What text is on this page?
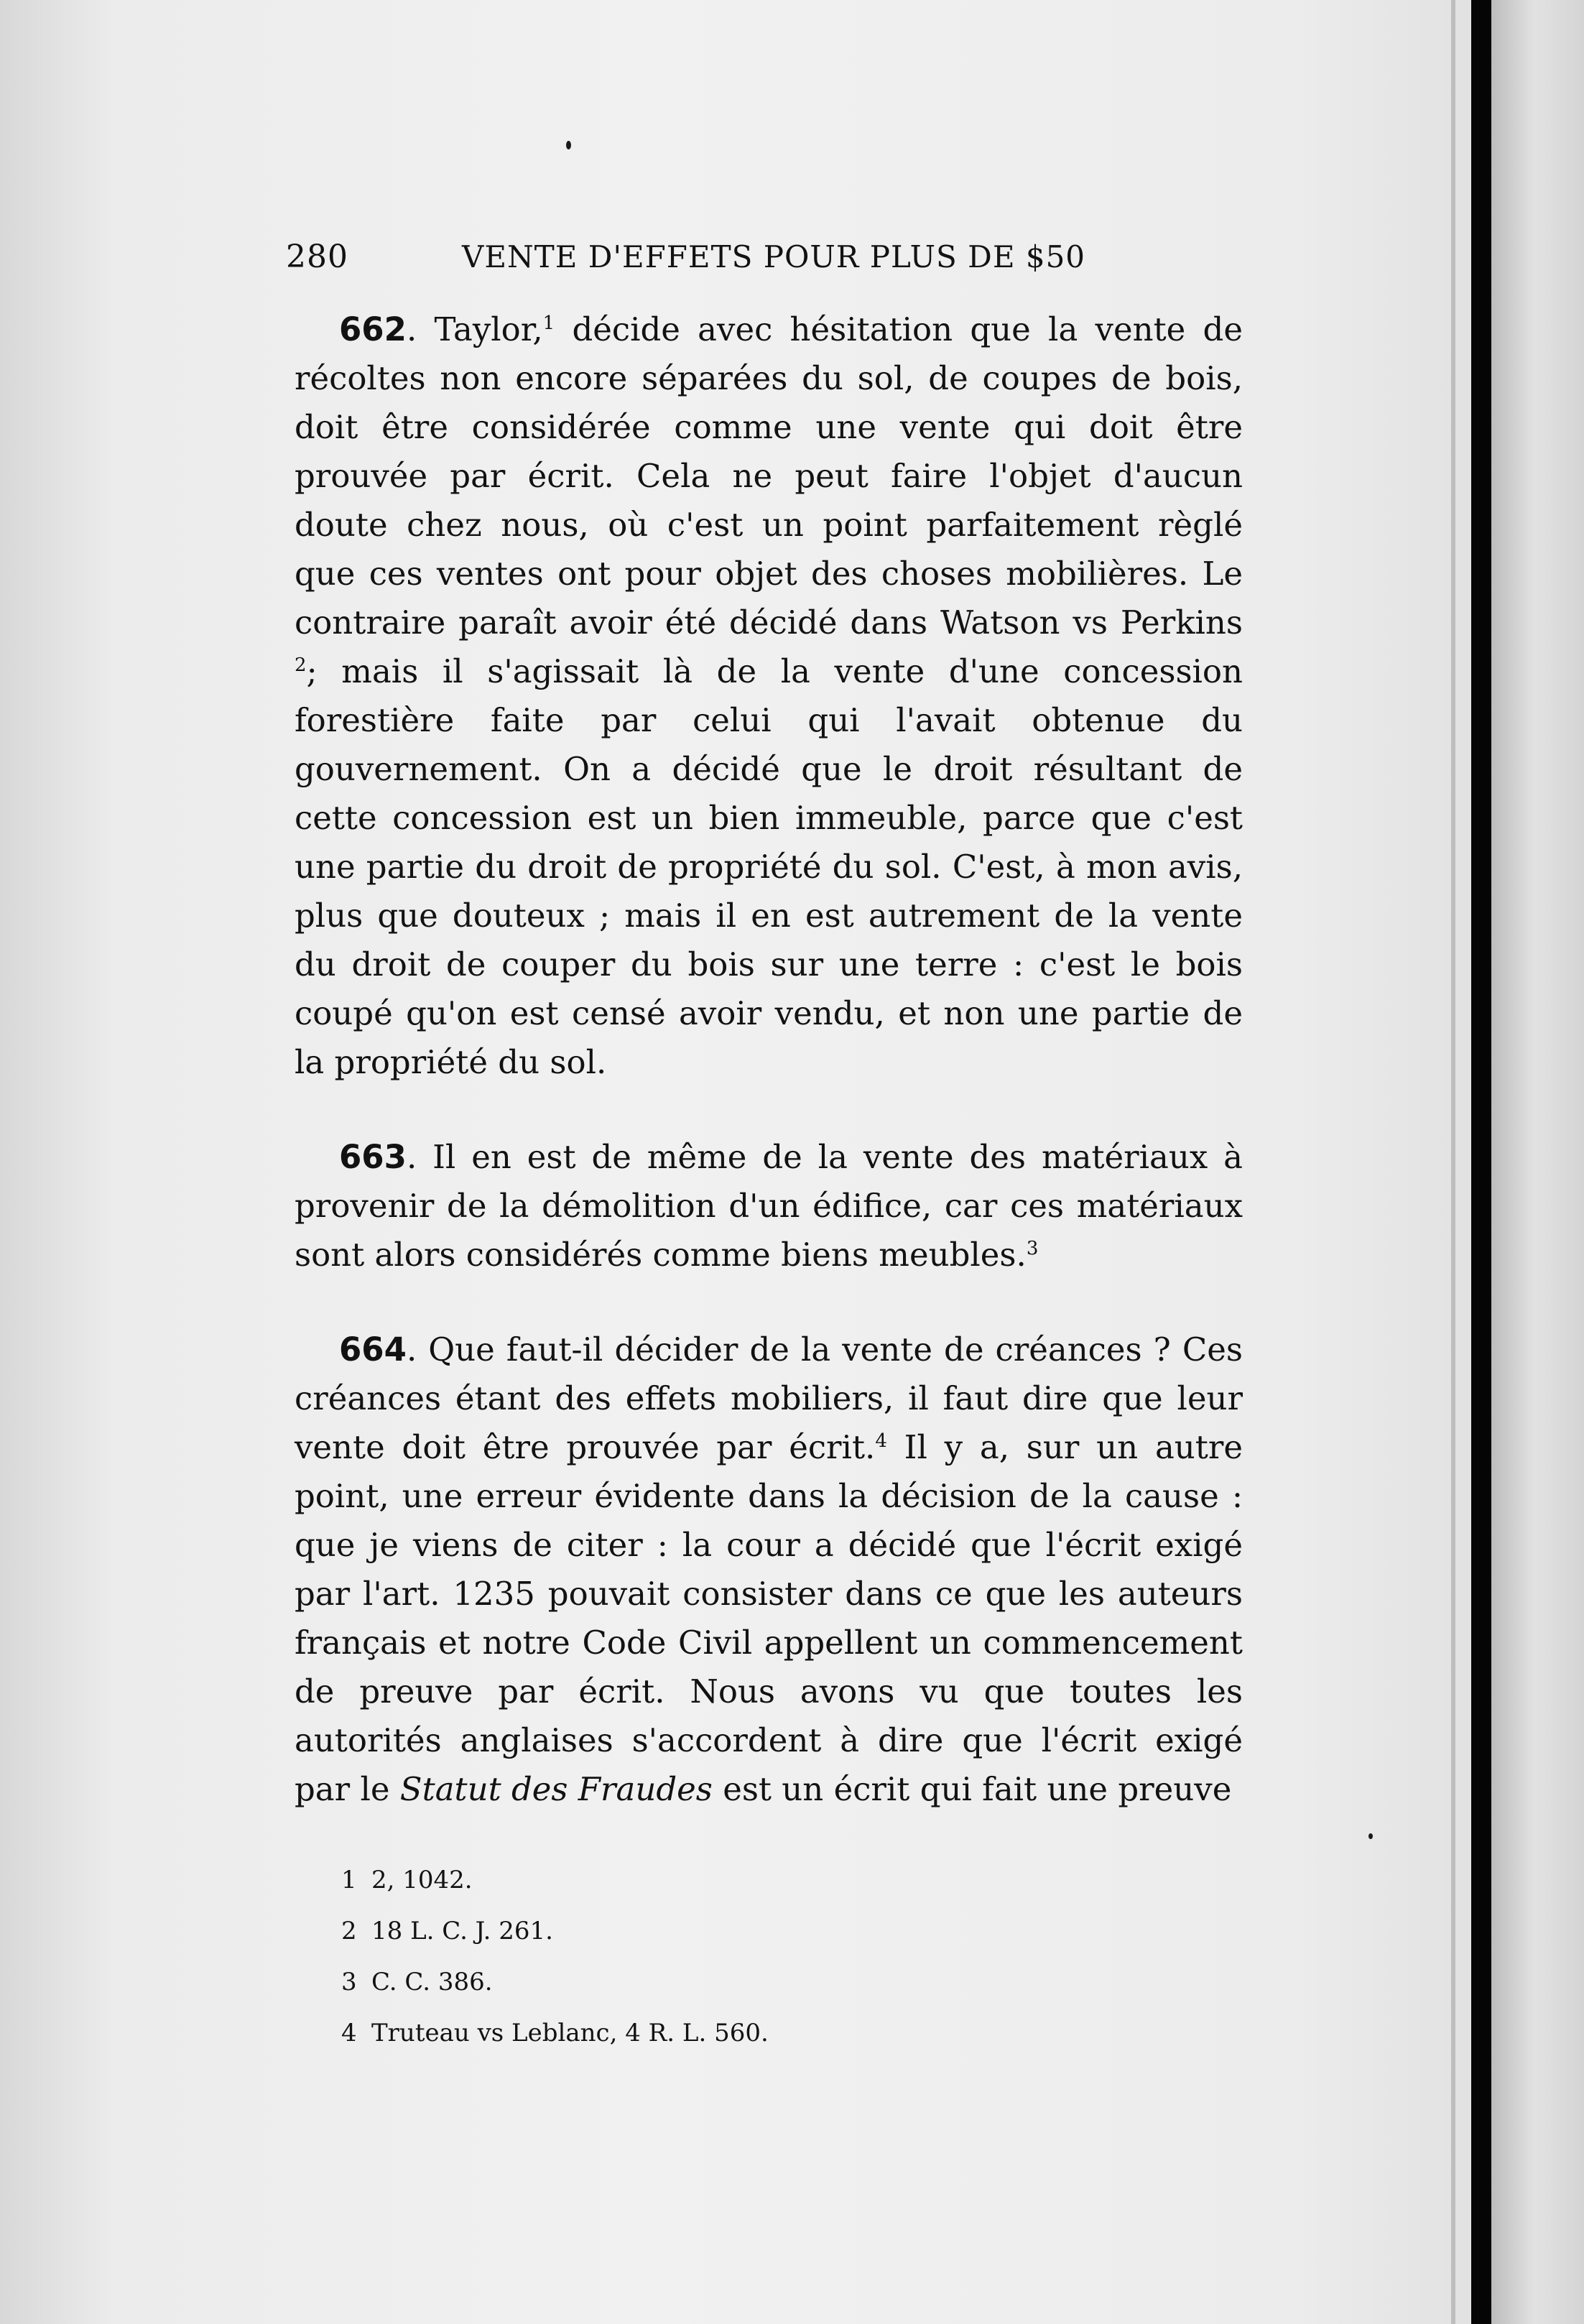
280	VENTE D'EFFETS POUR PLUS DE $50

662. Taylor,$^1$ décide avec hésitation que la vente de récoltes non encore séparées du sol, de coupes de bois, doit être considérée comme une vente qui doit être prouvée par écrit. Cela ne peut faire l'objet d'aucun doute chez nous, où c'est un point parfaitement règlé que ces ventes ont pour objet des choses mobilières. Le contraire paraît avoir été décidé dans Watson vs Perkins $^2$; mais il s'agissait là de la vente d'une concession forestière faite par celui qui l'avait obtenue du gouvernement. On a décidé que le droit résultant de cette concession est un bien immeuble, parce que c'est une partie du droit de propriété du sol. C'est, à mon avis, plus que douteux ; mais il en est autrement de la vente du droit de couper du bois sur une terre : c'est le bois coupé qu'on est censé avoir vendu, et non une partie de la propriété du sol.

663. Il en est de même de la vente des matériaux à provenir de la démolition d'un édifice, car ces matériaux sont alors considérés comme biens meubles.$^3$

664. Que faut-il décider de la vente de créances ? Ces créances étant des effets mobiliers, il faut dire que leur vente doit être prouvée par écrit.$^4$ Il y a, sur un autre point, une erreur évidente dans la décision de la cause : que je viens de citer : la cour a décidé que l'écrit exigé par l'art. 1235 pouvait consister dans ce que les auteurs français et notre Code Civil appellent un commencement de preuve par écrit. Nous avons vu que toutes les autorités anglaises s'accordent à dire que l'écrit exigé par le Statut des Fraudes est un écrit qui fait une preuve

1 2, 1042.
2 18 L. C. J. 261.
3 C. C. 386.
4 Truteau vs Leblanc, 4 R. L. 560.
